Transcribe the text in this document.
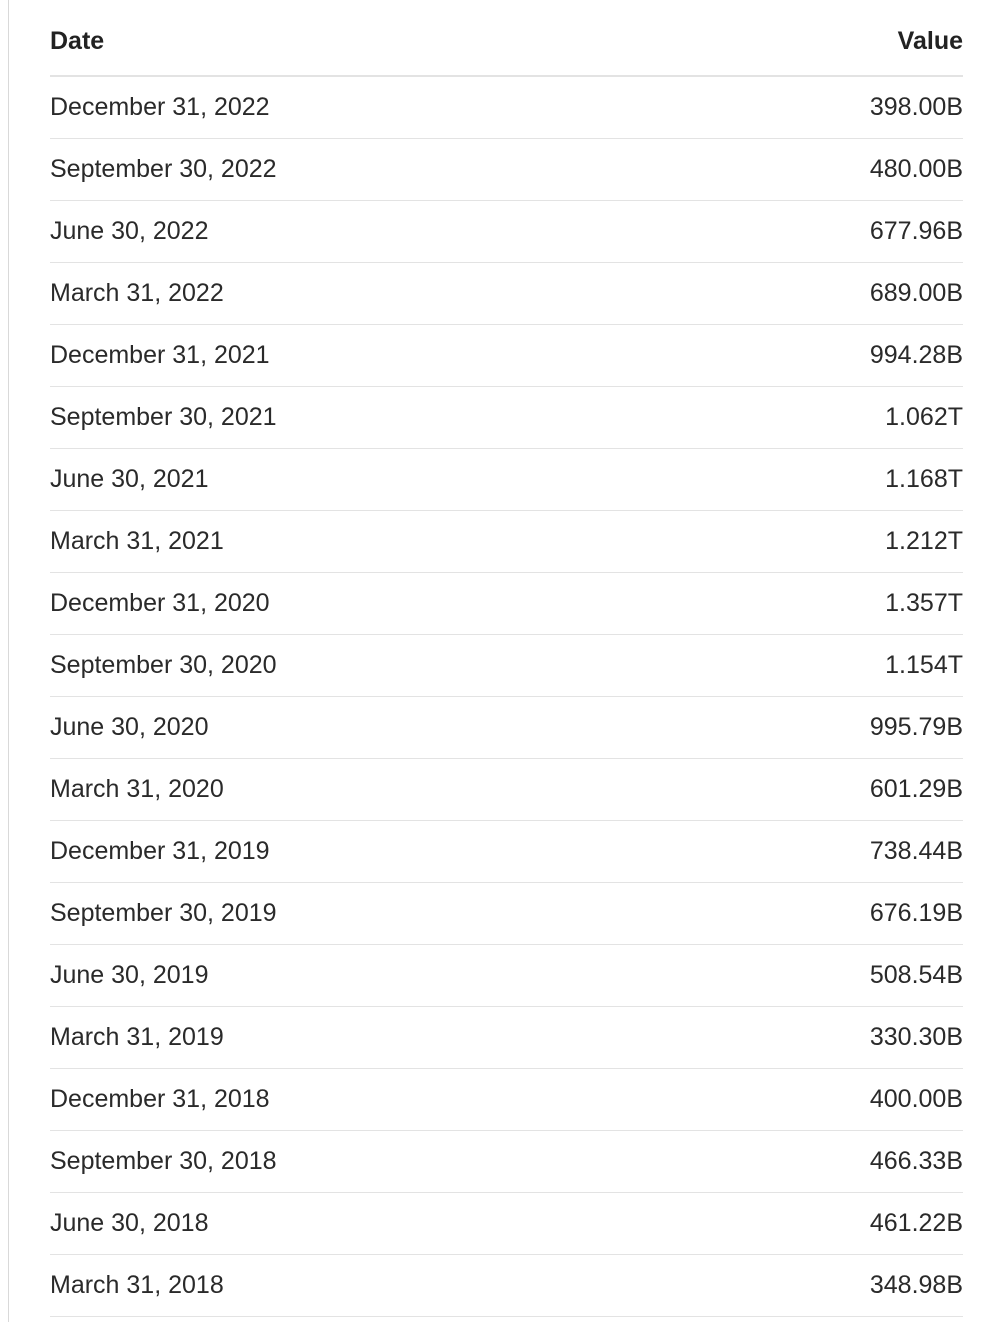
Date	Value
December 31, 2022	398.00B
September 30, 2022	480.00B
June 30, 2022	677.96B
March 31, 2022	689.00B
December 31, 2021	994.28B
September 30, 2021	1.062T
June 30, 2021	1.168T
March 31, 2021	1.212T
December 31, 2020	1.357T
September 30, 2020	1.154T
June 30, 2020	995.79B
March 31, 2020	601.29B
December 31, 2019	738.44B
September 30, 2019	676.19B
June 30, 2019	508.54B
March 31, 2019	330.30B
December 31, 2018	400.00B
September 30, 2018	466.33B
June 30, 2018	461.22B
March 31, 2018	348.98B
